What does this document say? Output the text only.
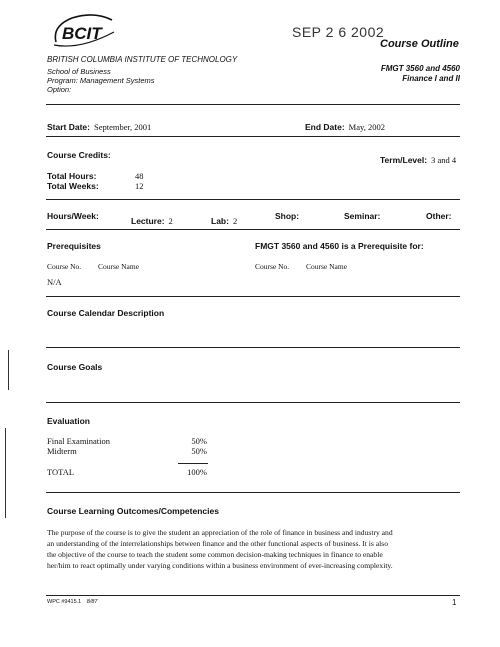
BCIT
BRITISH COLUMBIA INSTITUTE OF TECHNOLOGY
School of Business
Program: Management Systems
Option:
SEP 2 6 2002
Course Outline
FMGT 3560 and 4560
Finance I and II
Start Date: September, 2001	End Date: May, 2002
Course Credits:	Term/Level: 3 and 4
Total Hours:	48
Total Weeks:	12
Hours/Week:	Lecture: 2	Lab: 2	Shop:	Seminar:	Other:
Prerequisites
Course No. Course Name
N/A
FMGT 3560 and 4560 is a Prerequisite for:
Course No. Course Name
Course Calendar Description
Course Goals
Evaluation
Final Examination	50%
Midterm	50%
TOTAL	100%
Course Learning Outcomes/Competencies
The purpose of the course is to give the student an appreciation of the role of finance in business and industry and
an understanding of the interrelationships between finance and the other functional aspects of business. It is also
the objective of the course to teach the student some common decision-making techniques in finance to enable
her/him to react optimally under varying conditions within a business environment of ever-increasing complexity.
WPC #9415.1 8/87	1
